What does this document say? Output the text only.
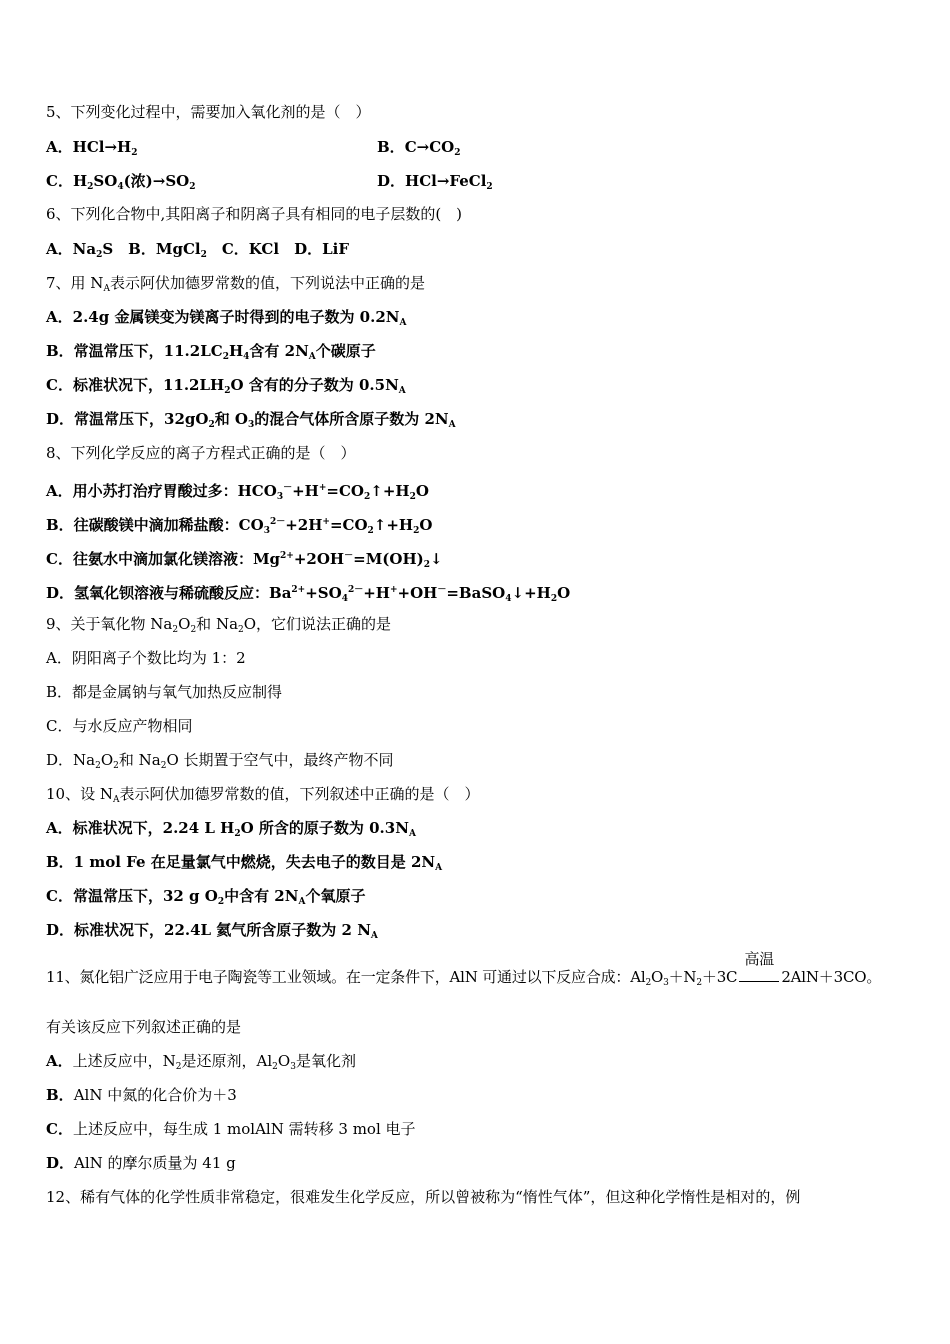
5、下列变化过程中，需要加入氧化剂的是（　）
A．$HCl\to H_2$	B．$C\to CO_2$
C．$H_2SO_4$(浓)$\to SO_2$	D．HCl→FeCl$_2$
6、下列化合物中,其阳离子和阴离子具有相同的电子层数的(　)
A．$Na_2S$　B．MgCl$_2$　C．KCl　D．LiF
7、用 $N_A$表示阿伏加德罗常数的值，下列说法中正确的是
A．2.4g 金属镁变为镁离子时得到的电子数为 $0.2N_A$
B．常温常压下，$11.2LC_2H_4$含有 $2N_A$个碳原子
C．标准状况下，$11.2LH_2O$ 含有的分子数为 $0.5N_A$
D．常温常压下，$32gO_2$和 $O_3$的混合气体所含原子数为 $2N_A$
8、下列化学反应的离子方程式正确的是（　）
A．用小苏打治疗胃酸过多：$HCO_3^-+H^+=CO_2↑+H_2O$
B．往碳酸镁中滴加稀盐酸：$CO_3^{2-}+2H^+=CO_2↑+H_2O$
C．往氨水中滴加氯化镁溶液：$Mg^{2+}+2OH^-=M(OH)_2↓$
D．氢氧化钡溶液与稀硫酸反应：$Ba^{2+}+SO_4^{2-}+H^++OH^-=BaSO_4↓+H_2O$
9、关于氧化物 $Na_2O_2$和 $Na_2O$，它们说法正确的是
A．阴阳离子个数比均为 1：2
B．都是金属钠与氧气加热反应制得
C．与水反应产物相同
D．$Na_2O_2$和 $Na_2O$ 长期置于空气中，最终产物不同
10、设 $N_A$表示阿伏加德罗常数的值，下列叙述中正确的是（　）
A．标准状况下，2.24 L $H_2O$ 所含的原子数为 $0.3N_A$
B．1 mol Fe 在足量氯气中燃烧，失去电子的数目是 $2N_A$
C．常温常压下，32 g $O_2$中含有 $2N_A$个氧原子
D．标准状况下，22.4L 氦气所含原子数为 2 $N_A$
11、氮化铝广泛应用于电子陶瓷等工业领域。在一定条件下，AlN 可通过以下反应合成：$Al_2O_3+N_2+3C$
高温
2AlN＋3CO。
有关该反应下列叙述正确的是
A．上述反应中，$N_2$是还原剂，$Al_2O_3$是氧化剂
B．AlN 中氮的化合价为＋3
C．上述反应中，每生成 1 molAlN 需转移 3 mol 电子
D．AlN 的摩尔质量为 41 g
12、稀有气体的化学性质非常稳定，很难发生化学反应，所以曾被称为“惰性气体”，但这种化学惰性是相对的，例
